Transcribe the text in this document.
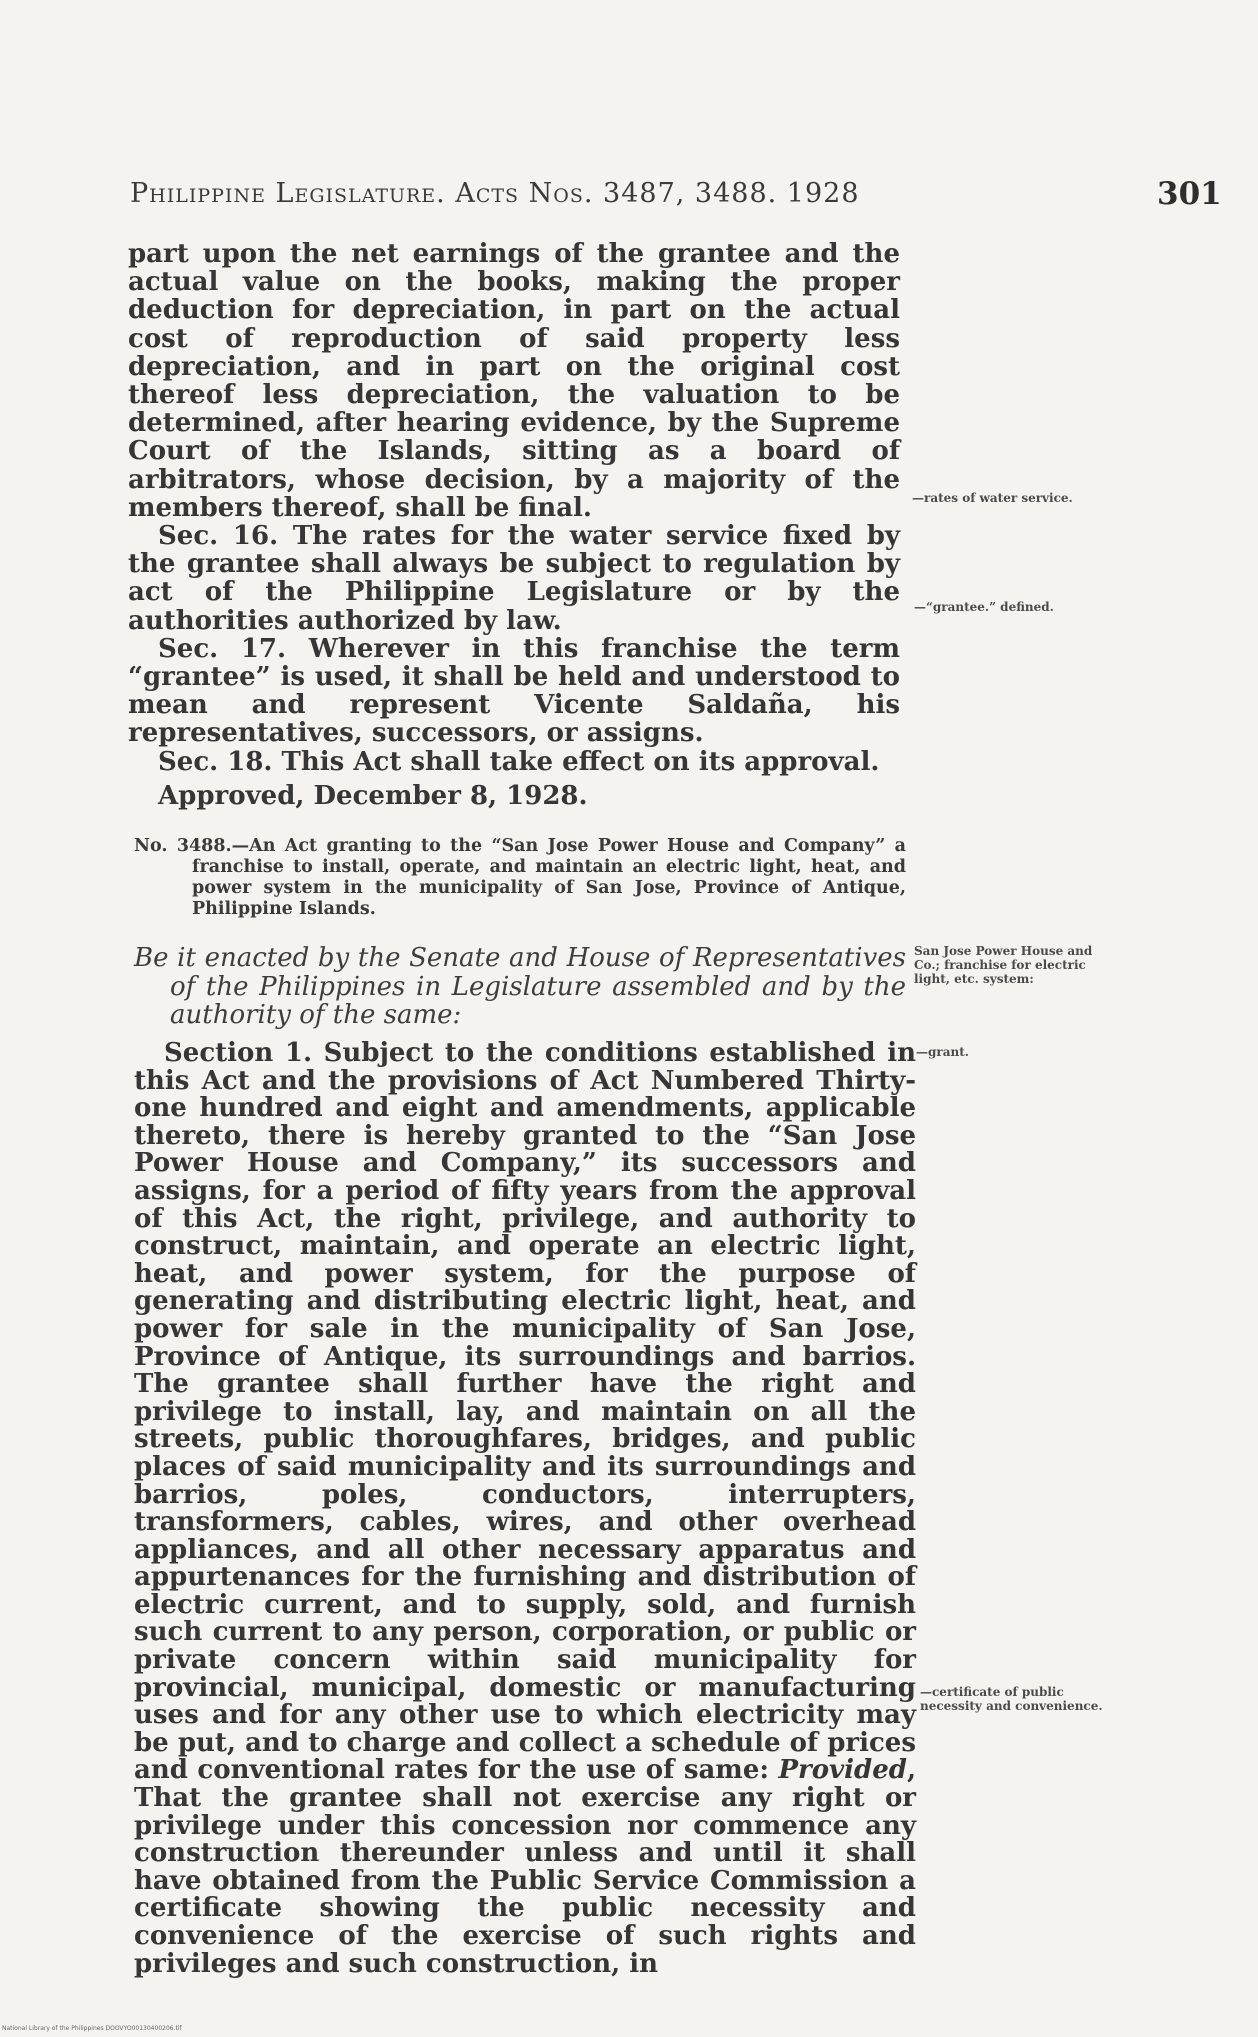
Philippine Legislature. Acts Nos. 3487, 3488. 1928	301

part upon the net earnings of the grantee and the actual value on the books, making the proper deduction for depreciation, in part on the actual cost of reproduction of said property less depreciation, and in part on the original cost thereof less depreciation, the valuation to be determined, after hearing evidence, by the Supreme Court of the Islands, sitting as a board of arbitrators, whose decision, by a majority of the members thereof, shall be final.

Sec. 16. The rates for the water service fixed by the grantee shall always be subject to regulation by act of the Philippine Legislature or by the authorities authorized by law.

Sec. 17. Wherever in this franchise the term “grantee” is used, it shall be held and understood to mean and represent Vicente Saldaña, his representatives, successors, or assigns.

Sec. 18. This Act shall take effect on its approval.

Approved, December 8, 1928.

—rates of water service.
—“grantee.” defined.
No. 3488.—An Act granting to the “San Jose Power House and Company” a franchise to install, operate, and maintain an electric light, heat, and power system in the municipality of San Jose, Province of Antique, Philippine Islands.
Be it enacted by the Senate and House of Representatives of the Philippines in Legislature assembled and by the authority of the same:
San Jose Power House and Co.; franchise for electric light, etc. system:

Section 1. Subject to the conditions established in this Act and the provisions of Act Numbered Thirty-one hundred and eight and amendments, applicable thereto, there is hereby granted to the “San Jose Power House and Company,” its successors and assigns, for a period of fifty years from the approval of this Act, the right, privilege, and authority to construct, maintain, and operate an electric light, heat, and power system, for the purpose of generating and distributing electric light, heat, and power for sale in the municipality of San Jose, Province of Antique, its surroundings and barrios. The grantee shall further have the right and privilege to install, lay, and maintain on all the streets, public thoroughfares, bridges, and public places of said municipality and its surroundings and barrios, poles, conductors, interrupters, transformers, cables, wires, and other overhead appliances, and all other necessary apparatus and appurtenances for the furnishing and distribution of electric current, and to supply, sold, and furnish such current to any person, corporation, or public or private concern within said municipality for provincial, municipal, domestic or manufacturing uses and for any other use to which electricity may be put, and to charge and collect a schedule of prices and conventional rates for the use of same: Provided, That the grantee shall not exercise any right or privilege under this concession nor commence any construction thereunder unless and until it shall have obtained from the Public Service Commission a certificate showing the public necessity and convenience of the exercise of such rights and privileges and such construction, in

—grant.
—certificate of public necessity and convenience.
National Library of the Philippines DOOVYO00130400206.tif
